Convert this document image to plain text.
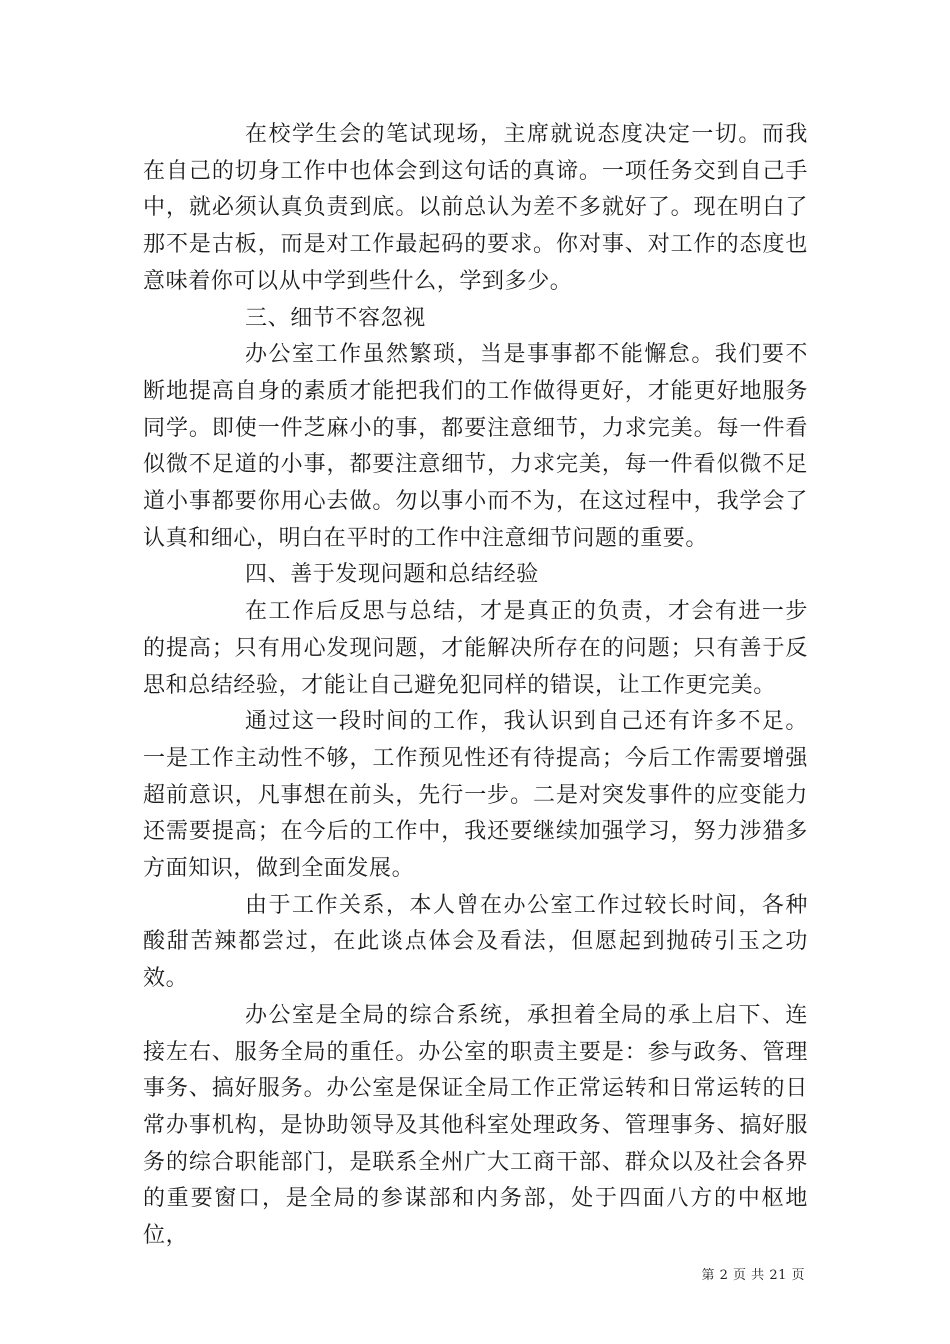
在校学生会的笔试现场，主席就说态度决定一切。而我在自己的切身工作中也体会到这句话的真谛。一项任务交到自己手中，就必须认真负责到底。以前总认为差不多就好了。现在明白了那不是古板，而是对工作最起码的要求。你对事、对工作的态度也意味着你可以从中学到些什么，学到多少。

三、细节不容忽视

办公室工作虽然繁琐，当是事事都不能懈怠。我们要不断地提高自身的素质才能把我们的工作做得更好，才能更好地服务同学。即使一件芝麻小的事，都要注意细节，力求完美。每一件看似微不足道的小事，都要注意细节，力求完美，每一件看似微不足道小事都要你用心去做。勿以事小而不为，在这过程中，我学会了认真和细心，明白在平时的工作中注意细节问题的重要。

四、善于发现问题和总结经验

在工作后反思与总结，才是真正的负责，才会有进一步的提高；只有用心发现问题，才能解决所存在的问题；只有善于反思和总结经验，才能让自己避免犯同样的错误，让工作更完美。

通过这一段时间的工作，我认识到自己还有许多不足。一是工作主动性不够，工作预见性还有待提高；今后工作需要增强超前意识，凡事想在前头，先行一步。二是对突发事件的应变能力还需要提高；在今后的工作中，我还要继续加强学习，努力涉猎多方面知识，做到全面发展。

由于工作关系，本人曾在办公室工作过较长时间，各种酸甜苦辣都尝过，在此谈点体会及看法，但愿起到抛砖引玉之功效。

办公室是全局的综合系统，承担着全局的承上启下、连接左右、服务全局的重任。办公室的职责主要是：参与政务、管理事务、搞好服务。办公室是保证全局工作正常运转和日常运转的日常办事机构，是协助领导及其他科室处理政务、管理事务、搞好服务的综合职能部门，是联系全州广大工商干部、群众以及社会各界的重要窗口，是全局的参谋部和内务部，处于四面八方的中枢地位，

第 2 页 共 21 页
